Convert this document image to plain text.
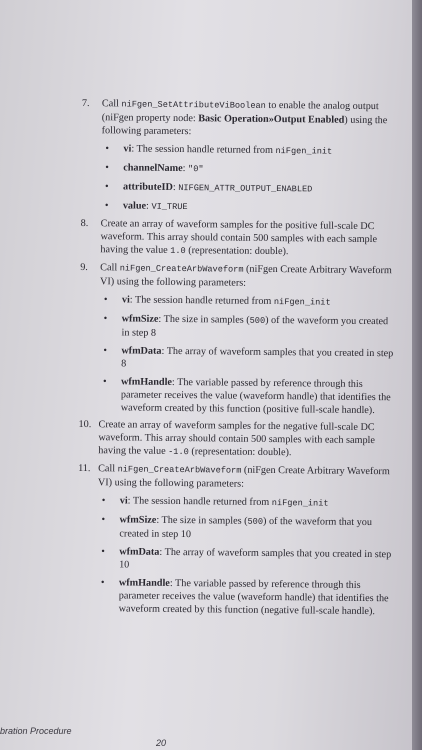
7. Call niFgen_SetAttributeViBoolean to enable the analog output (niFgen property node: Basic Operation»Output Enabled) using the following parameters:
• vi: The session handle returned from niFgen_init
• channelName: "0"
• attributeID: NIFGEN_ATTR_OUTPUT_ENABLED
• value: VI_TRUE
8. Create an array of waveform samples for the positive full-scale DC waveform. This array should contain 500 samples with each sample having the value 1.0 (representation: double).
9. Call niFgen_CreateArbWaveform (niFgen Create Arbitrary Waveform VI) using the following parameters:
• vi: The session handle returned from niFgen_init
• wfmSize: The size in samples (500) of the waveform you created in step 8
• wfmData: The array of waveform samples that you created in step 8
• wfmHandle: The variable passed by reference through this parameter receives the value (waveform handle) that identifies the waveform created by this function (positive full-scale handle).
10. Create an array of waveform samples for the negative full-scale DC waveform. This array should contain 500 samples with each sample having the value -1.0 (representation: double).
11. Call niFgen_CreateArbWaveform (niFgen Create Arbitrary Waveform VI) using the following parameters:
• vi: The session handle returned from niFgen_init
• wfmSize: The size in samples (500) of the waveform that you created in step 10
• wfmData: The array of waveform samples that you created in step 10
• wfmHandle: The variable passed by reference through this parameter receives the value (waveform handle) that identifies the waveform created by this function (negative full-scale handle).
bration Procedure
20
